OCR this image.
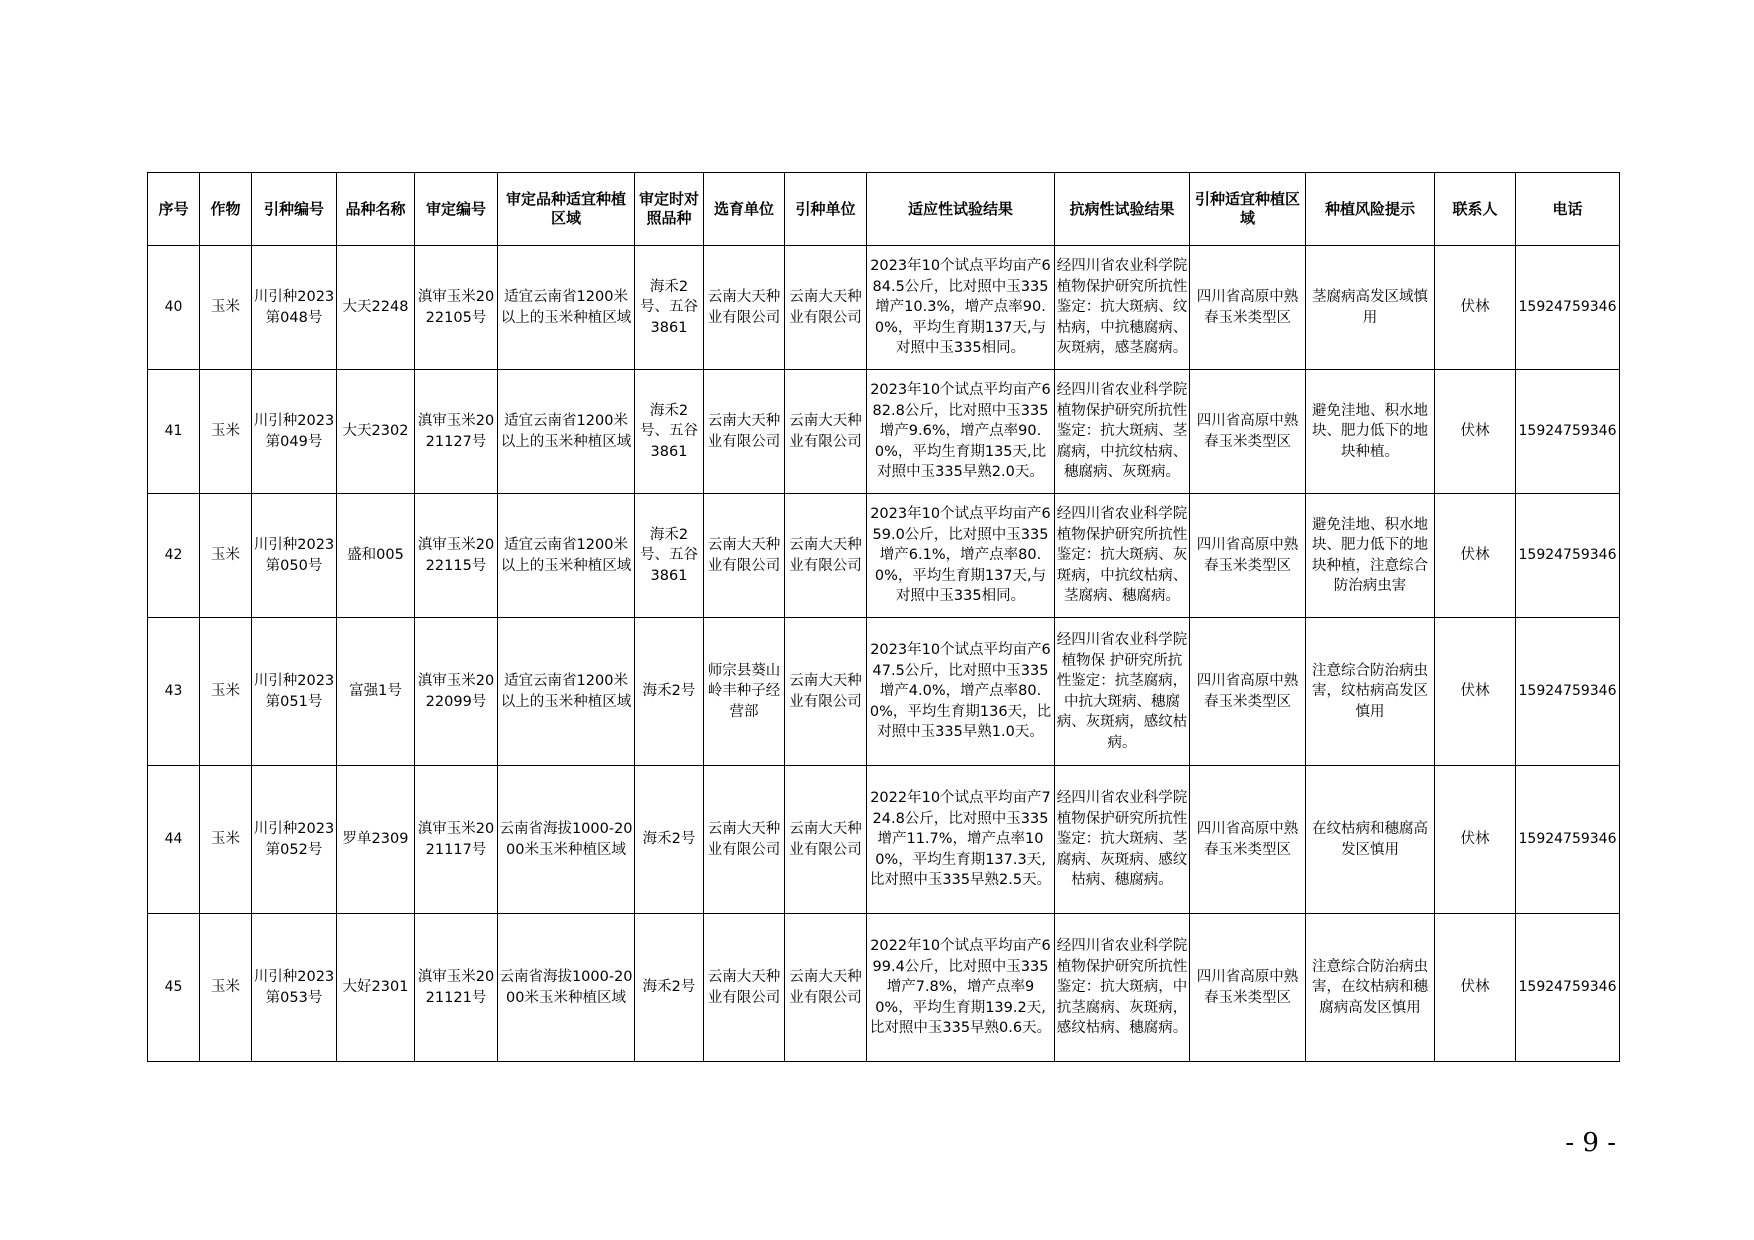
序号	作物	引种编号	品种名称	审定编号	审定品种适宜种植区域	审定时对照品种	选育单位	引种单位	适应性试验结果	抗病性试验结果	引种适宜种植区域	种植风险提示	联系人	电话
40	玉米	川引种2023第048号	大天2248	滇审玉米2022105号	适宜云南省1200米以上的玉米种植区域	海禾2号、五谷3861	云南大天种业有限公司	云南大天种业有限公司	2023年10个试点平均亩产684.5公斤，比对照中玉335增产10.3%，增产点率90.0%，平均生育期137天,与对照中玉335相同。	经四川省农业科学院植物保护研究所抗性鉴定：抗大斑病、纹枯病，中抗穗腐病、灰斑病，感茎腐病。	四川省高原中熟春玉米类型区	茎腐病高发区域慎用	伏林	15924759346
41	玉米	川引种2023第049号	大天2302	滇审玉米2021127号	适宜云南省1200米以上的玉米种植区域	海禾2号、五谷3861	云南大天种业有限公司	云南大天种业有限公司	2023年10个试点平均亩产682.8公斤，比对照中玉335增产9.6%，增产点率90.0%，平均生育期135天,比对照中玉335早熟2.0天。	经四川省农业科学院植物保护研究所抗性鉴定：抗大斑病、茎腐病，中抗纹枯病、穗腐病、灰斑病。	四川省高原中熟春玉米类型区	避免洼地、积水地块、肥力低下的地块种植。	伏林	15924759346
42	玉米	川引种2023第050号	盛和005	滇审玉米2022115号	适宜云南省1200米以上的玉米种植区域	海禾2号、五谷3861	云南大天种业有限公司	云南大天种业有限公司	2023年10个试点平均亩产659.0公斤，比对照中玉335增产6.1%，增产点率80.0%，平均生育期137天,与对照中玉335相同。	经四川省农业科学院植物保护研究所抗性鉴定：抗大斑病、灰斑病，中抗纹枯病、茎腐病、穗腐病。	四川省高原中熟春玉米类型区	避免洼地、积水地块、肥力低下的地块种植，注意综合防治病虫害	伏林	15924759346
43	玉米	川引种2023第051号	富强1号	滇审玉米2022099号	适宜云南省1200米以上的玉米种植区域	海禾2号	师宗县葵山岭丰种子经营部	云南大天种业有限公司	2023年10个试点平均亩产647.5公斤，比对照中玉335增产4.0%，增产点率80.0%，平均生育期136天，比对照中玉335早熟1.0天。	经四川省农业科学院植物保 护研究所抗性鉴定：抗茎腐病，中抗大斑病、穗腐病、灰斑病，感纹枯病。	四川省高原中熟春玉米类型区	注意综合防治病虫害，纹枯病高发区慎用	伏林	15924759346
44	玉米	川引种2023第052号	罗单2309	滇审玉米2021117号	云南省海拔1000-2000米玉米种植区域	海禾2号	云南大天种业有限公司	云南大天种业有限公司	2022年10个试点平均亩产724.8公斤，比对照中玉335增产11.7%，增产点率100%，平均生育期137.3天,比对照中玉335早熟2.5天。	经四川省农业科学院植物保护研究所抗性鉴定：抗大斑病、茎腐病、灰斑病、感纹枯病、穗腐病。	四川省高原中熟春玉米类型区	在纹枯病和穗腐高发区慎用	伏林	15924759346
45	玉米	川引种2023第053号	大好2301	滇审玉米2021121号	云南省海拔1000-2000米玉米种植区域	海禾2号	云南大天种业有限公司	云南大天种业有限公司	2022年10个试点平均亩产699.4公斤，比对照中玉335增产7.8%，增产点率90%，平均生育期139.2天,比对照中玉335早熟0.6天。	经四川省农业科学院植物保护研究所抗性鉴定：抗大斑病，中抗茎腐病、灰斑病，感纹枯病、穗腐病。	四川省高原中熟春玉米类型区	注意综合防治病虫害，在纹枯病和穗腐病高发区慎用	伏林	15924759346
- 9 -
